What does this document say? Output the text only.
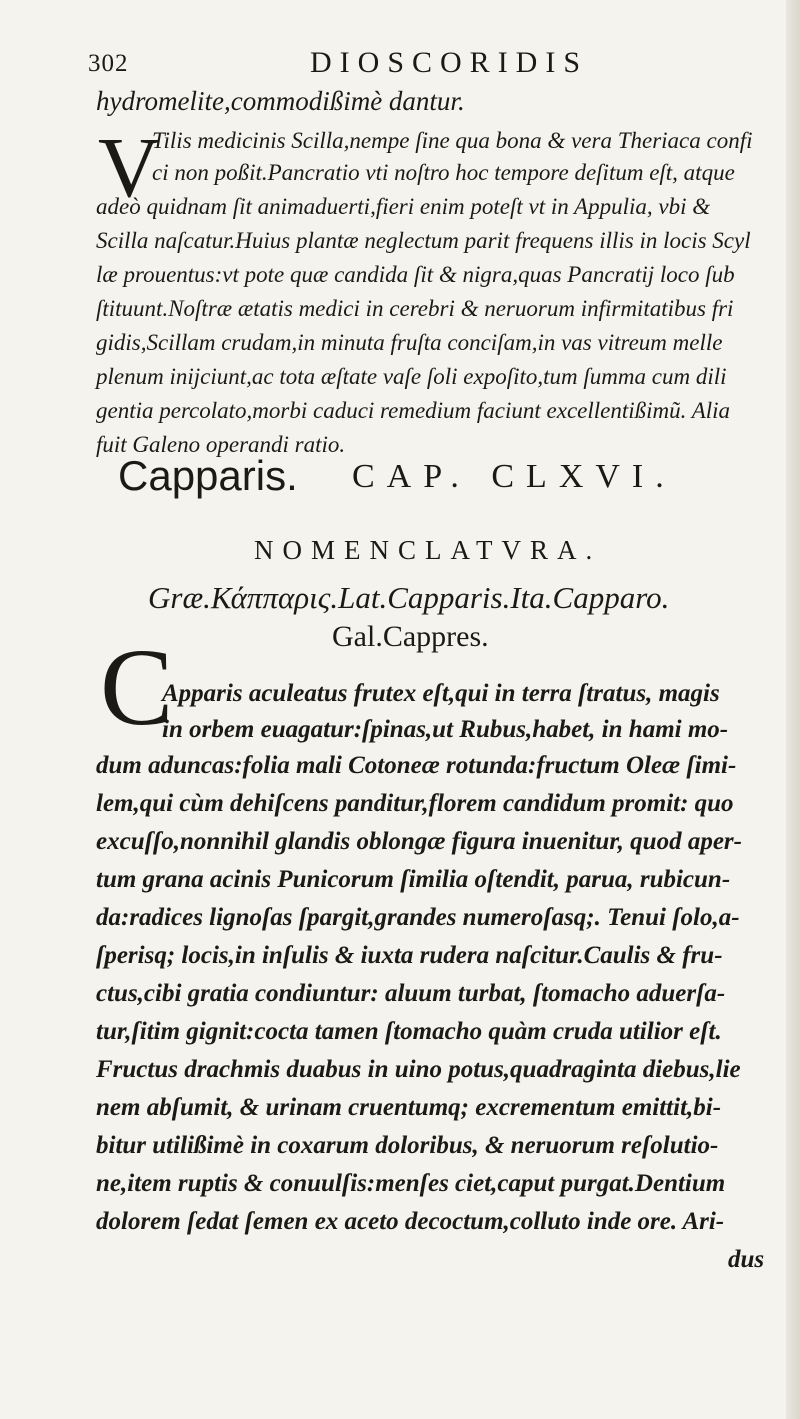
302	DIOSCORIDIS
hydromelite,commodißimè dantur.
V
Tilis medicinis Scilla,nempe ſine qua bona & vera Theriaca confi
ci non poßit.Pancratio vti noſtro hoc tempore deſitum eſt, atque
adeò quidnam ſit animaduerti,fieri enim poteſt vt in Appulia, vbi &
Scilla naſcatur.Huius plantæ neglectum parit frequens illis in locis Scyl
læ prouentus:vt pote quæ candida ſit & nigra,quas Pancratij loco ſub
ſtituunt.Noſtræ ætatis medici in cerebri & neruorum infirmitatibus fri
gidis,Scillam crudam,in minuta fruſta conciſam,in vas vitreum melle
plenum inijciunt,ac tota æſtate vaſe ſoli expoſito,tum ſumma cum dili
gentia percolato,morbi caduci remedium faciunt excellentißimũ. Alia
fuit Galeno operandi ratio.
Capparis. CAP. CLXVI.
NOMENCLATVRA.
Græ.Κάππαρις.Lat.Capparis.Ita.Capparo.
Gal.Cappres.
C
Apparis aculeatus frutex eſt,qui in terra ſtratus, magis
in orbem euagatur:ſpinas,ut Rubus,habet, in hami mo-
dum aduncas:folia mali Cotoneæ rotunda:fructum Oleæ ſimi-
lem,qui cùm dehiſcens panditur,florem candidum promit: quo
excuſſo,nonnihil glandis oblongæ figura inuenitur, quod aper-
tum grana acinis Punicorum ſimilia oſtendit, parua, rubicun-
da:radices lignoſas ſpargit,grandes numeroſasq;. Tenui ſolo,a-
ſperisq; locis,in inſulis & iuxta rudera naſcitur.Caulis & fru-
ctus,cibi gratia condiuntur: aluum turbat, ſtomacho aduerſa-
tur,ſitim gignit:cocta tamen ſtomacho quàm cruda utilior eſt.
Fructus drachmis duabus in uino potus,quadraginta diebus,lie
nem abſumit, & urinam cruentumq; excrementum emittit,bi-
bitur utilißimè in coxarum doloribus, & neruorum reſolutio-
ne,item ruptis & conuulſis:menſes ciet,caput purgat.Dentium
dolorem ſedat ſemen ex aceto decoctum,colluto inde ore. Ari-
dus
